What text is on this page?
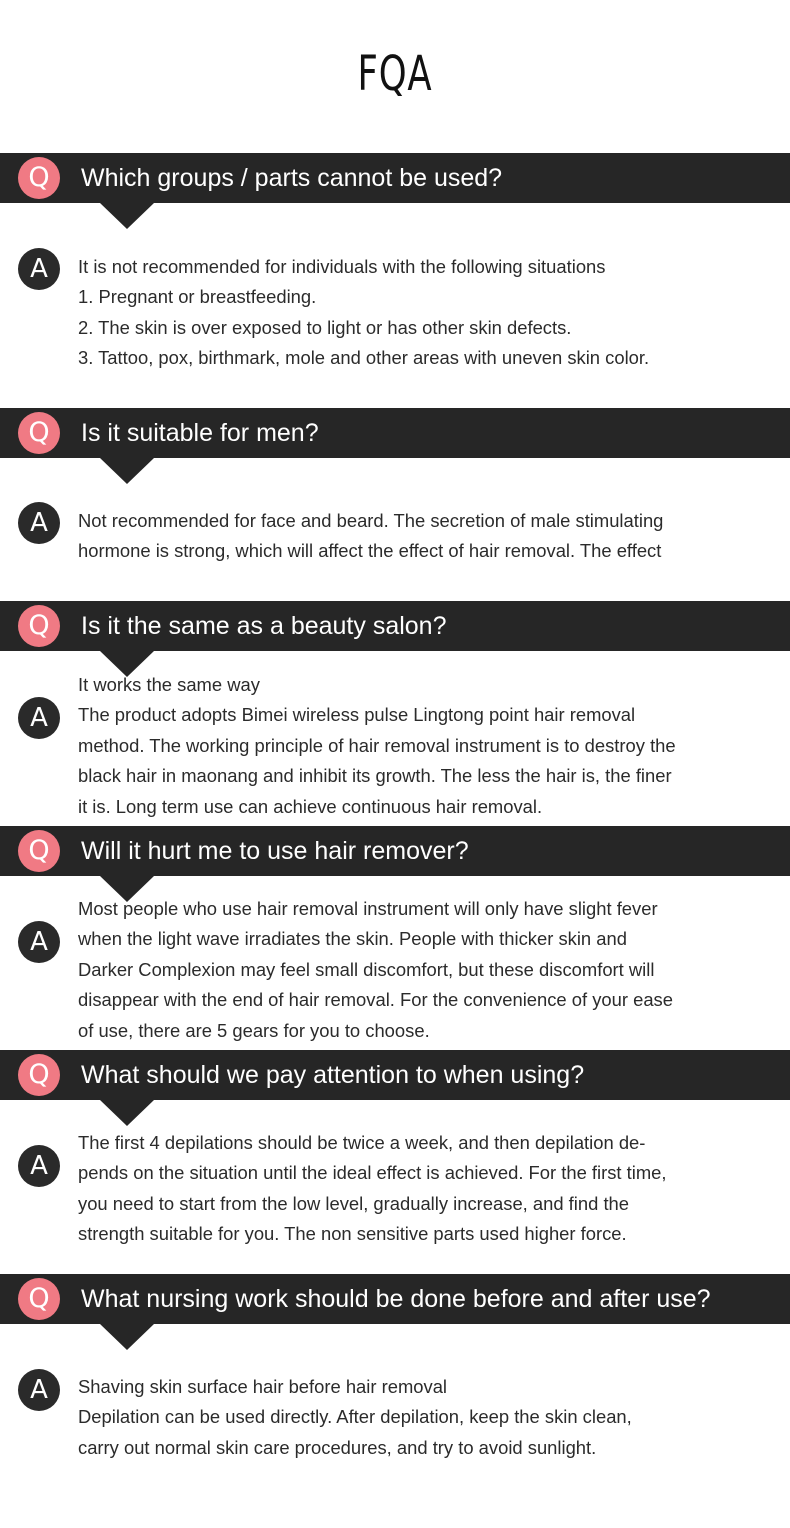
FQA
Q	Which groups / parts cannot be used?
A	It is not recommended for individuals with the following situations
1. Pregnant or breastfeeding.
2. The skin is over exposed to light or has other skin defects.
3. Tattoo, pox, birthmark, mole and other areas with uneven skin color.
Q	Is it suitable for men?
A	Not recommended for face and beard. The secretion of male stimulating
hormone is strong, which will affect the effect of hair removal. The effect
Q	Is it the same as a beauty salon?
A
It works the same way
The product adopts Bimei wireless pulse Lingtong point hair removal
method. The working principle of hair removal instrument is to destroy the
black hair in maonang and inhibit its growth. The less the hair is, the finer
it is. Long term use can achieve continuous hair removal.
Q	Will it hurt me to use hair remover?
A
Most people who use hair removal instrument will only have slight fever
when the light wave irradiates the skin. People with thicker skin and
Darker Complexion may feel small discomfort, but these discomfort will
disappear with the end of hair removal. For the convenience of your ease
of use, there are 5 gears for you to choose.
Q	What should we pay attention to when using?
A
The first 4 depilations should be twice a week, and then depilation de-
pends on the situation until the ideal effect is achieved. For the first time,
you need to start from the low level, gradually increase, and find the
strength suitable for you. The non sensitive parts used higher force.
Q	What nursing work should be done before and after use?
A	Shaving skin surface hair before hair removal
Depilation can be used directly. After depilation, keep the skin clean,
carry out normal skin care procedures, and try to avoid sunlight.
